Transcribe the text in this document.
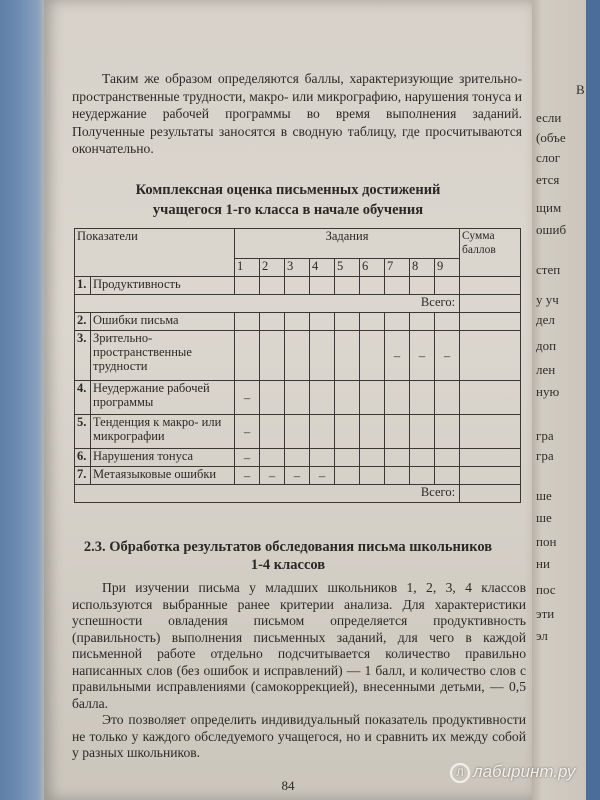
Таким же образом определяются баллы, характеризующие зрительно-пространственные трудности, макро- или микрографию, нарушения тонуса и неудержание рабочей программы во время выполнения заданий. Полученные результаты заносятся в сводную таблицу, где просчитываются окончательно.
Комплексная оценка письменных достижений
учащегося 1-го класса в начале обучения
Показатели		Задания									Сумма баллов
		1	2	3	4	5	6	7	8	9	
1.	Продуктивность										
Всего:											
2.	Ошибки письма										
3.	Зрительно-пространственные трудности							–	–	–	
4.	Неудержание рабочей программы	–									
5.	Тенденция к макро- или микрографии	–									
6.	Нарушения тонуса	–									
7.	Метаязыковые ошибки	–	–	–	–						
Всего:											
2.3. Обработка результатов обследования письма школьников
1-4 классов
При изучении письма у младших школьников 1, 2, 3, 4 классов используются выбранные ранее критерии анализа. Для характеристики успешности овладения письмом определяется продуктивность (правильность) выполнения письменных заданий, для чего в каждой письменной работе отдельно подсчитывается количество правильно написанных слов (без ошибок и исправлений) — 1 балл, и количество слов с правильными исправлениями (самокоррекцией), внесенными детьми, — 0,5 балла.
Это позволяет определить индивидуальный показатель продуктивности не только у каждого обследуемого учащегося, но и сравнить их между собой у разных школьников.
84
В
если
(объе
слог
ется
щим
ошиб
степ
у уч
дел
доп
лен
ную
гра
гра
ше
ше
пон
ни
пос
эти
эл
Л лабиринт.ру
